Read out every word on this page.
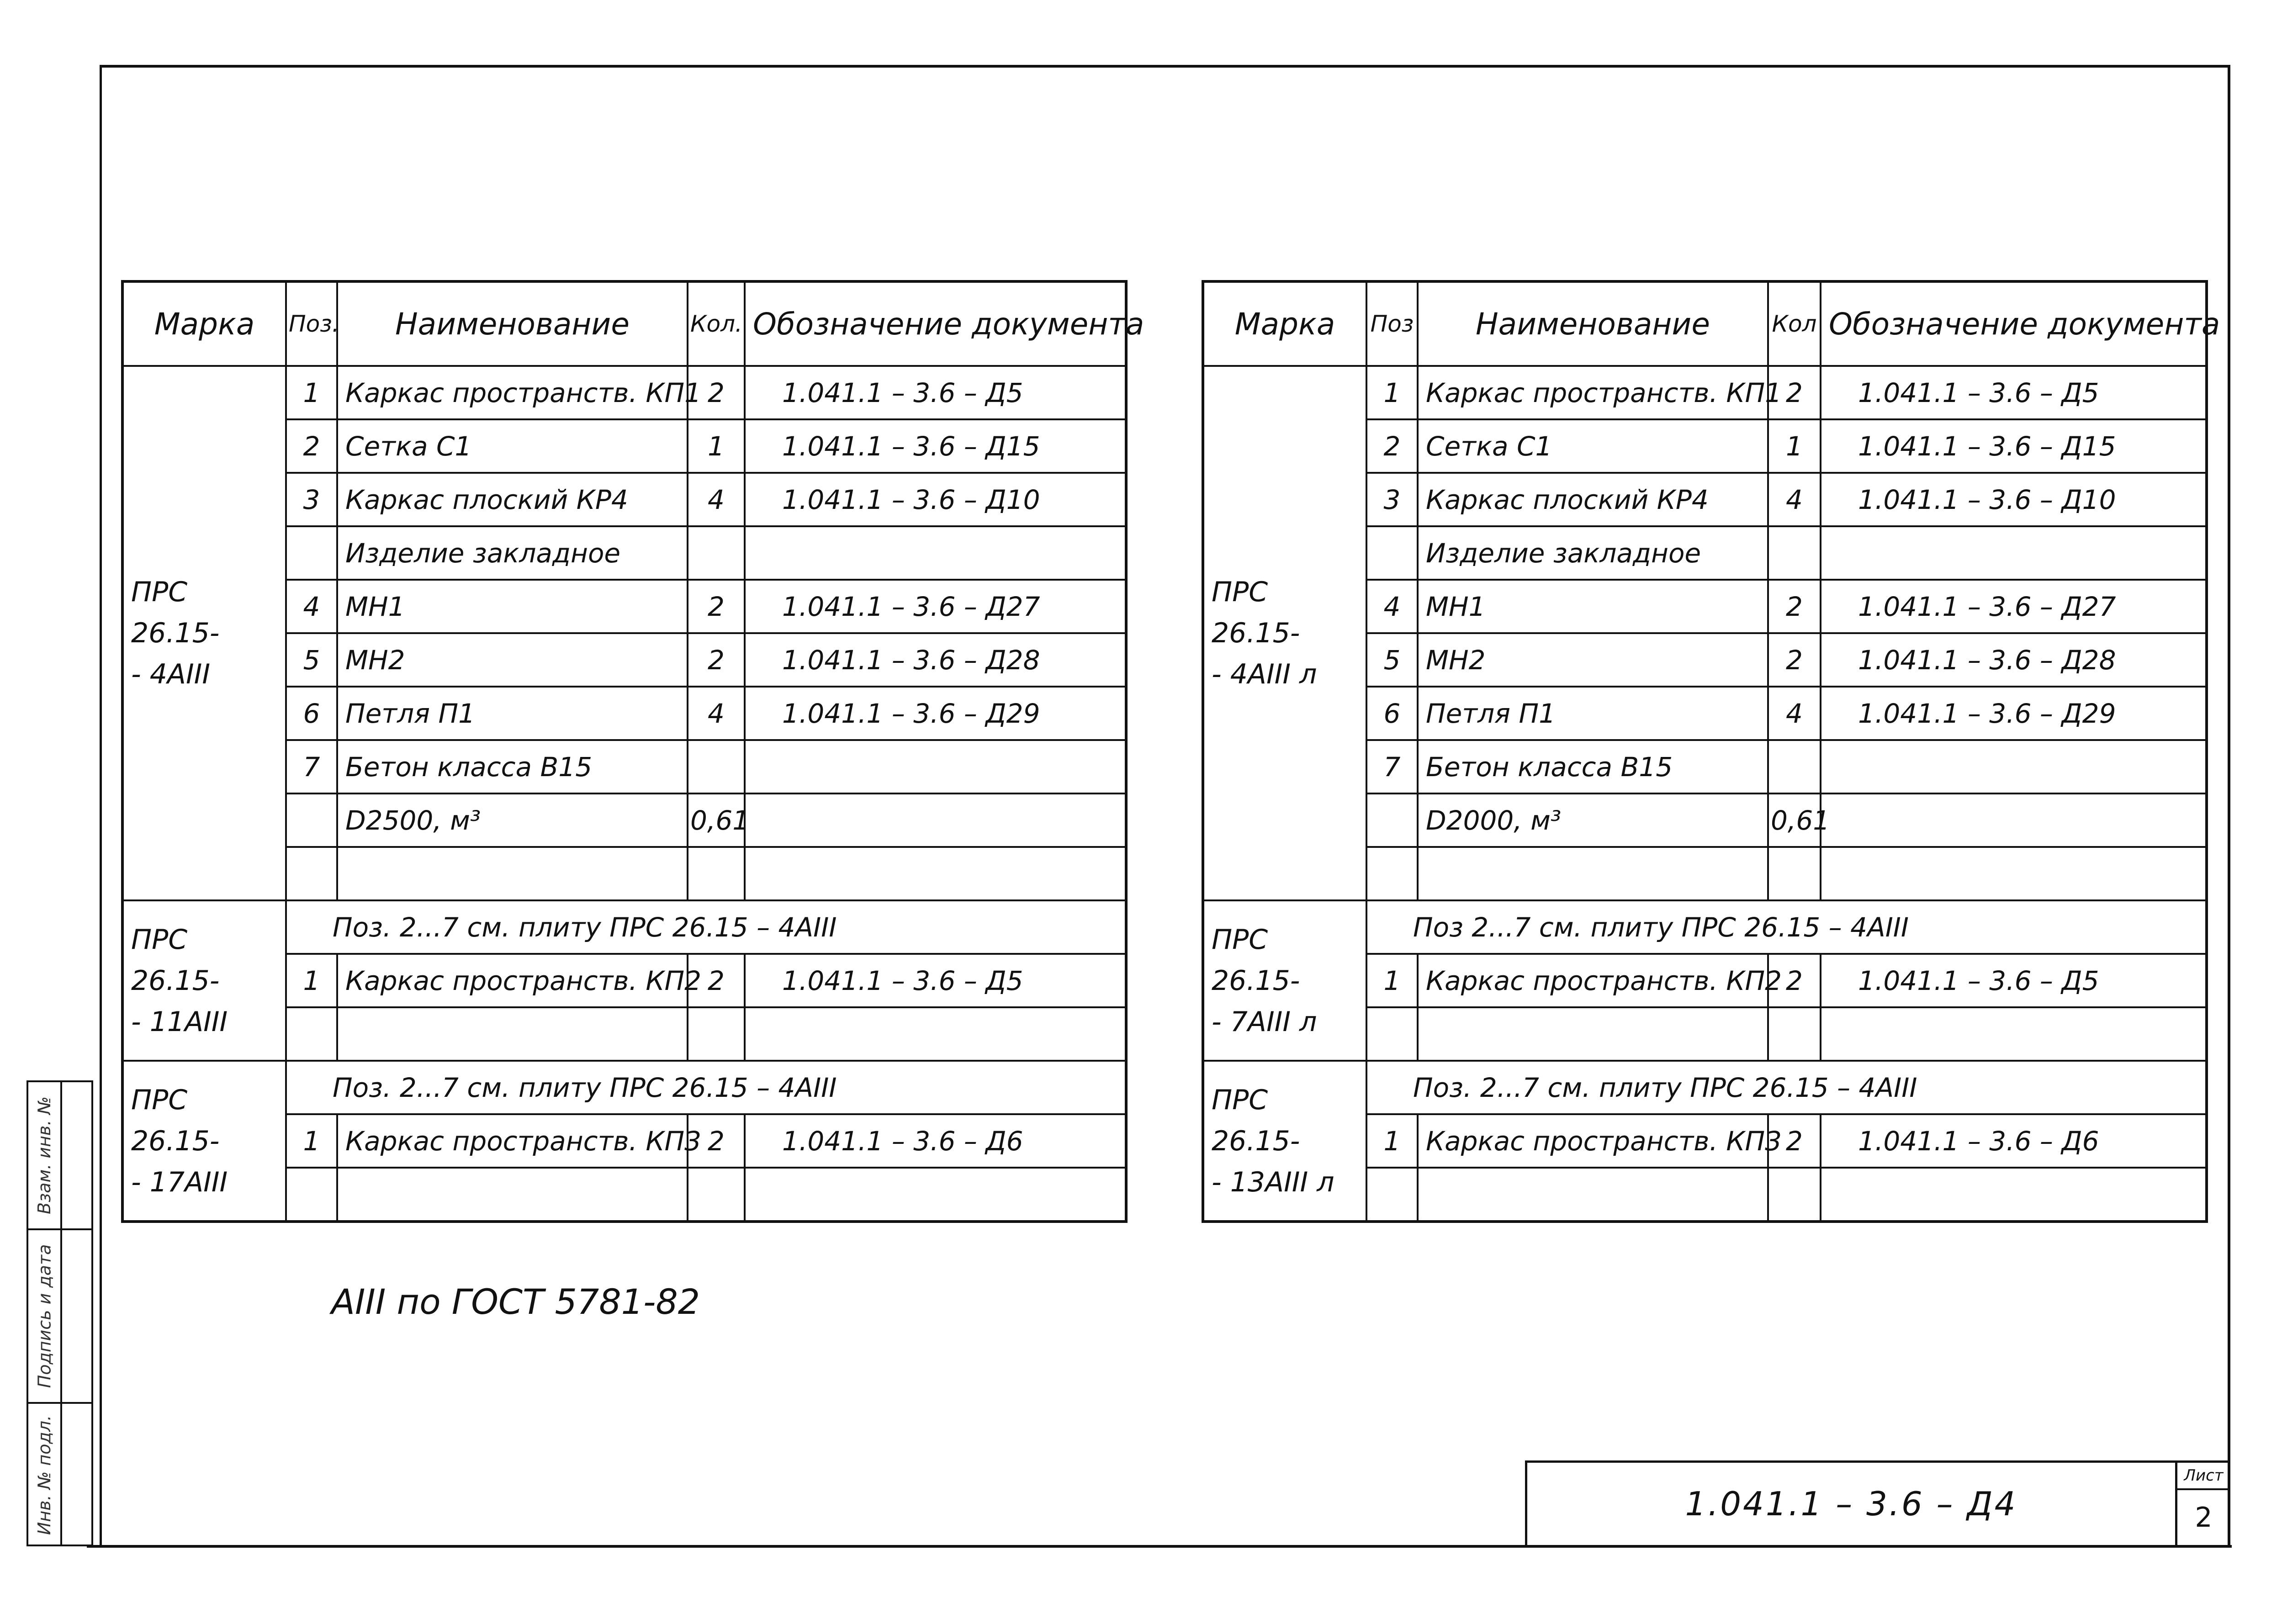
Марка	Поз.	Наименование	Кол.	Обозначение документа
ПРС 26.15-
- 4АIII	1	Каркас пространств. КП1	2	1.041.1 – 3.6 – Д5
	2	Сетка С1	1	1.041.1 – 3.6 – Д15
	3	Каркас плоский КР4	4	1.041.1 – 3.6 – Д10
		Изделие закладное		
	4	МН1	2	1.041.1 – 3.6 – Д27
	5	МН2	2	1.041.1 – 3.6 – Д28
	6	Петля П1	4	1.041.1 – 3.6 – Д29
	7	Бетон класса В15		
		D2500, м³	0,61	

ПРС 26.15-
- 11АIII	Поз. 2...7 см. плиту ПРС 26.15 – 4АIII			
	1	Каркас пространств. КП2	2	1.041.1 – 3.6 – Д5

ПРС 26.15-
- 17АIII	Поз. 2...7 см. плиту ПРС 26.15 – 4АIII			
	1	Каркас пространств. КП3	2	1.041.1 – 3.6 – Д6

Марка	Поз	Наименование	Кол	Обозначение документа
ПРС 26.15-
- 4АIII л	1	Каркас пространств. КП1	2	1.041.1 – 3.6 – Д5
	2	Сетка С1	1	1.041.1 – 3.6 – Д15
	3	Каркас плоский КР4	4	1.041.1 – 3.6 – Д10
		Изделие закладное		
	4	МН1	2	1.041.1 – 3.6 – Д27
	5	МН2	2	1.041.1 – 3.6 – Д28
	6	Петля П1	4	1.041.1 – 3.6 – Д29
	7	Бетон класса В15		
		D2000, м³	0,61	

ПРС 26.15-
- 7АIII л	Поз 2...7 см. плиту ПРС 26.15 – 4АIII			
	1	Каркас пространств. КП2	2	1.041.1 – 3.6 – Д5

ПРС 26.15-
- 13АIII л	Поз. 2...7 см. плиту ПРС 26.15 – 4АIII			
	1	Каркас пространств. КП3	2	1.041.1 – 3.6 – Д6

АIII по ГОСТ 5781-82
1.041.1 – 3.6 – Д4
Лист
2
Взам. инв. №
Подпись и дата
Инв. № подл.
